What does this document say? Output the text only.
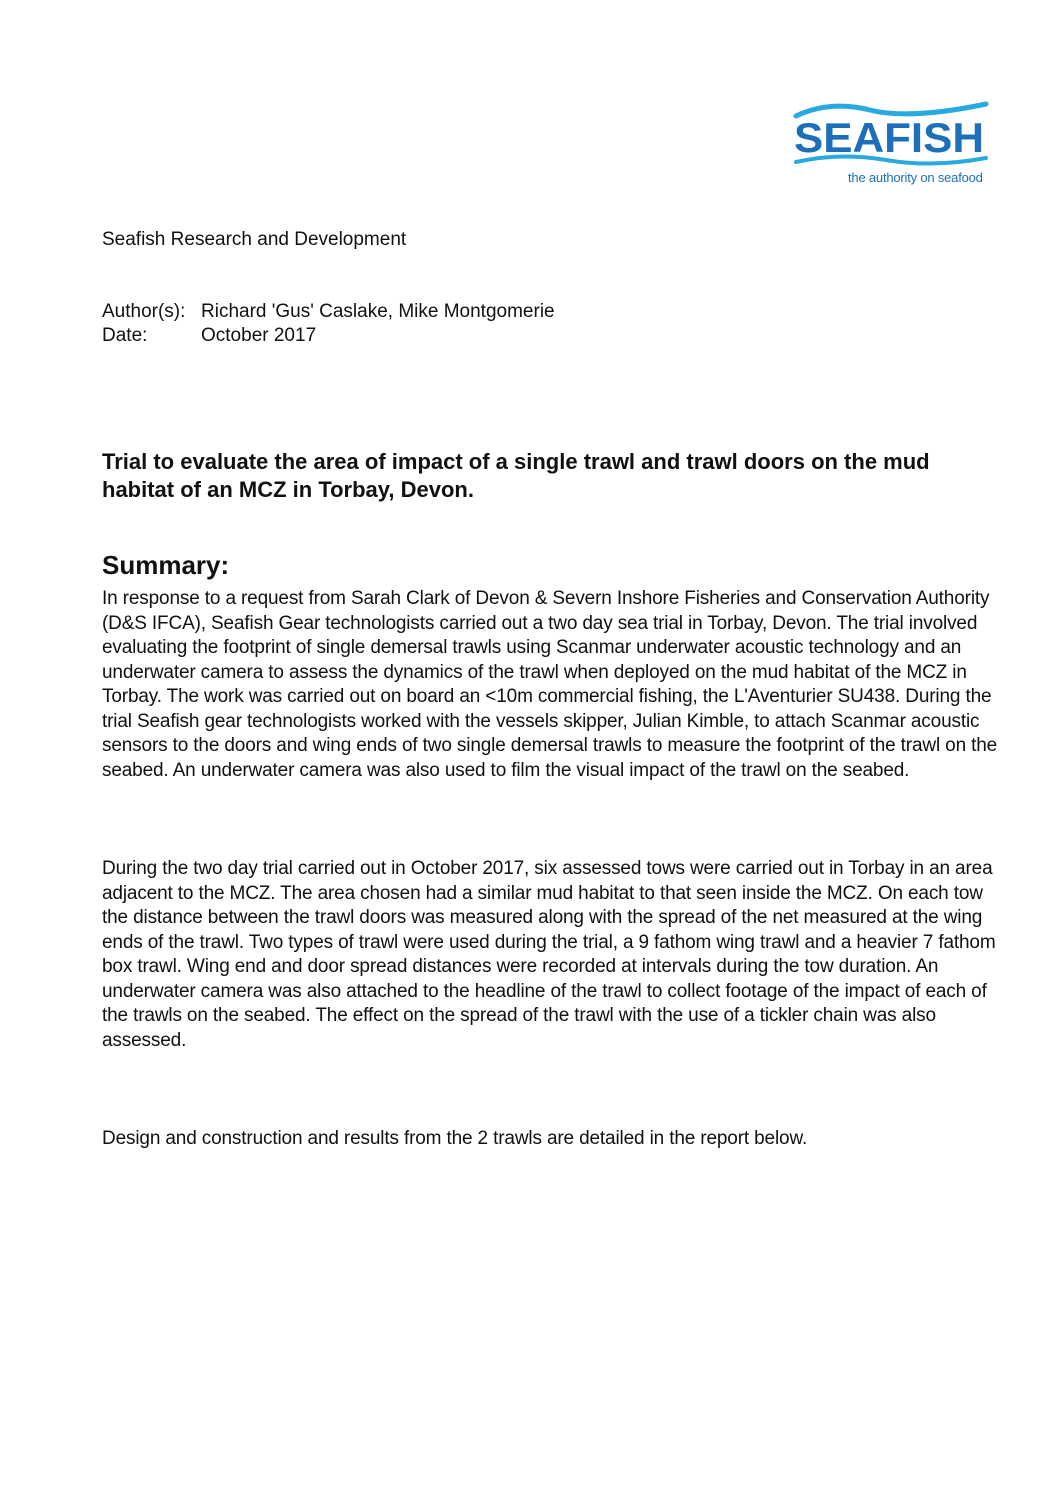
SEAFISH
the authority on seafood
Seafish Research and Development
Author(s): Richard 'Gus' Caslake, Mike Montgomerie
Date:	October 2017
Trial to evaluate the area of impact of a single trawl and trawl doors on the mud habitat of an MCZ in Torbay, Devon.
Summary:

In response to a request from Sarah Clark of Devon & Severn Inshore Fisheries and Conservation Authority (D&S IFCA), Seafish Gear technologists carried out a two day sea trial in Torbay, Devon. The trial involved evaluating the footprint of single demersal trawls using Scanmar underwater acoustic technology and an underwater camera to assess the dynamics of the trawl when deployed on the mud habitat of the MCZ in Torbay. The work was carried out on board an <10m commercial fishing, the L'Aventurier SU438. During the trial Seafish gear technologists worked with the vessels skipper, Julian Kimble, to attach Scanmar acoustic sensors to the doors and wing ends of two single demersal trawls to measure the footprint of the trawl on the seabed. An underwater camera was also used to film the visual impact of the trawl on the seabed.

During the two day trial carried out in October 2017, six assessed tows were carried out in Torbay in an area adjacent to the MCZ. The area chosen had a similar mud habitat to that seen inside the MCZ. On each tow the distance between the trawl doors was measured along with the spread of the net measured at the wing ends of the trawl. Two types of trawl were used during the trial, a 9 fathom wing trawl and a heavier 7 fathom box trawl. Wing end and door spread distances were recorded at intervals during the tow duration. An underwater camera was also attached to the headline of the trawl to collect footage of the impact of each of the trawls on the seabed. The effect on the spread of the trawl with the use of a tickler chain was also assessed.

Design and construction and results from the 2 trawls are detailed in the report below.
